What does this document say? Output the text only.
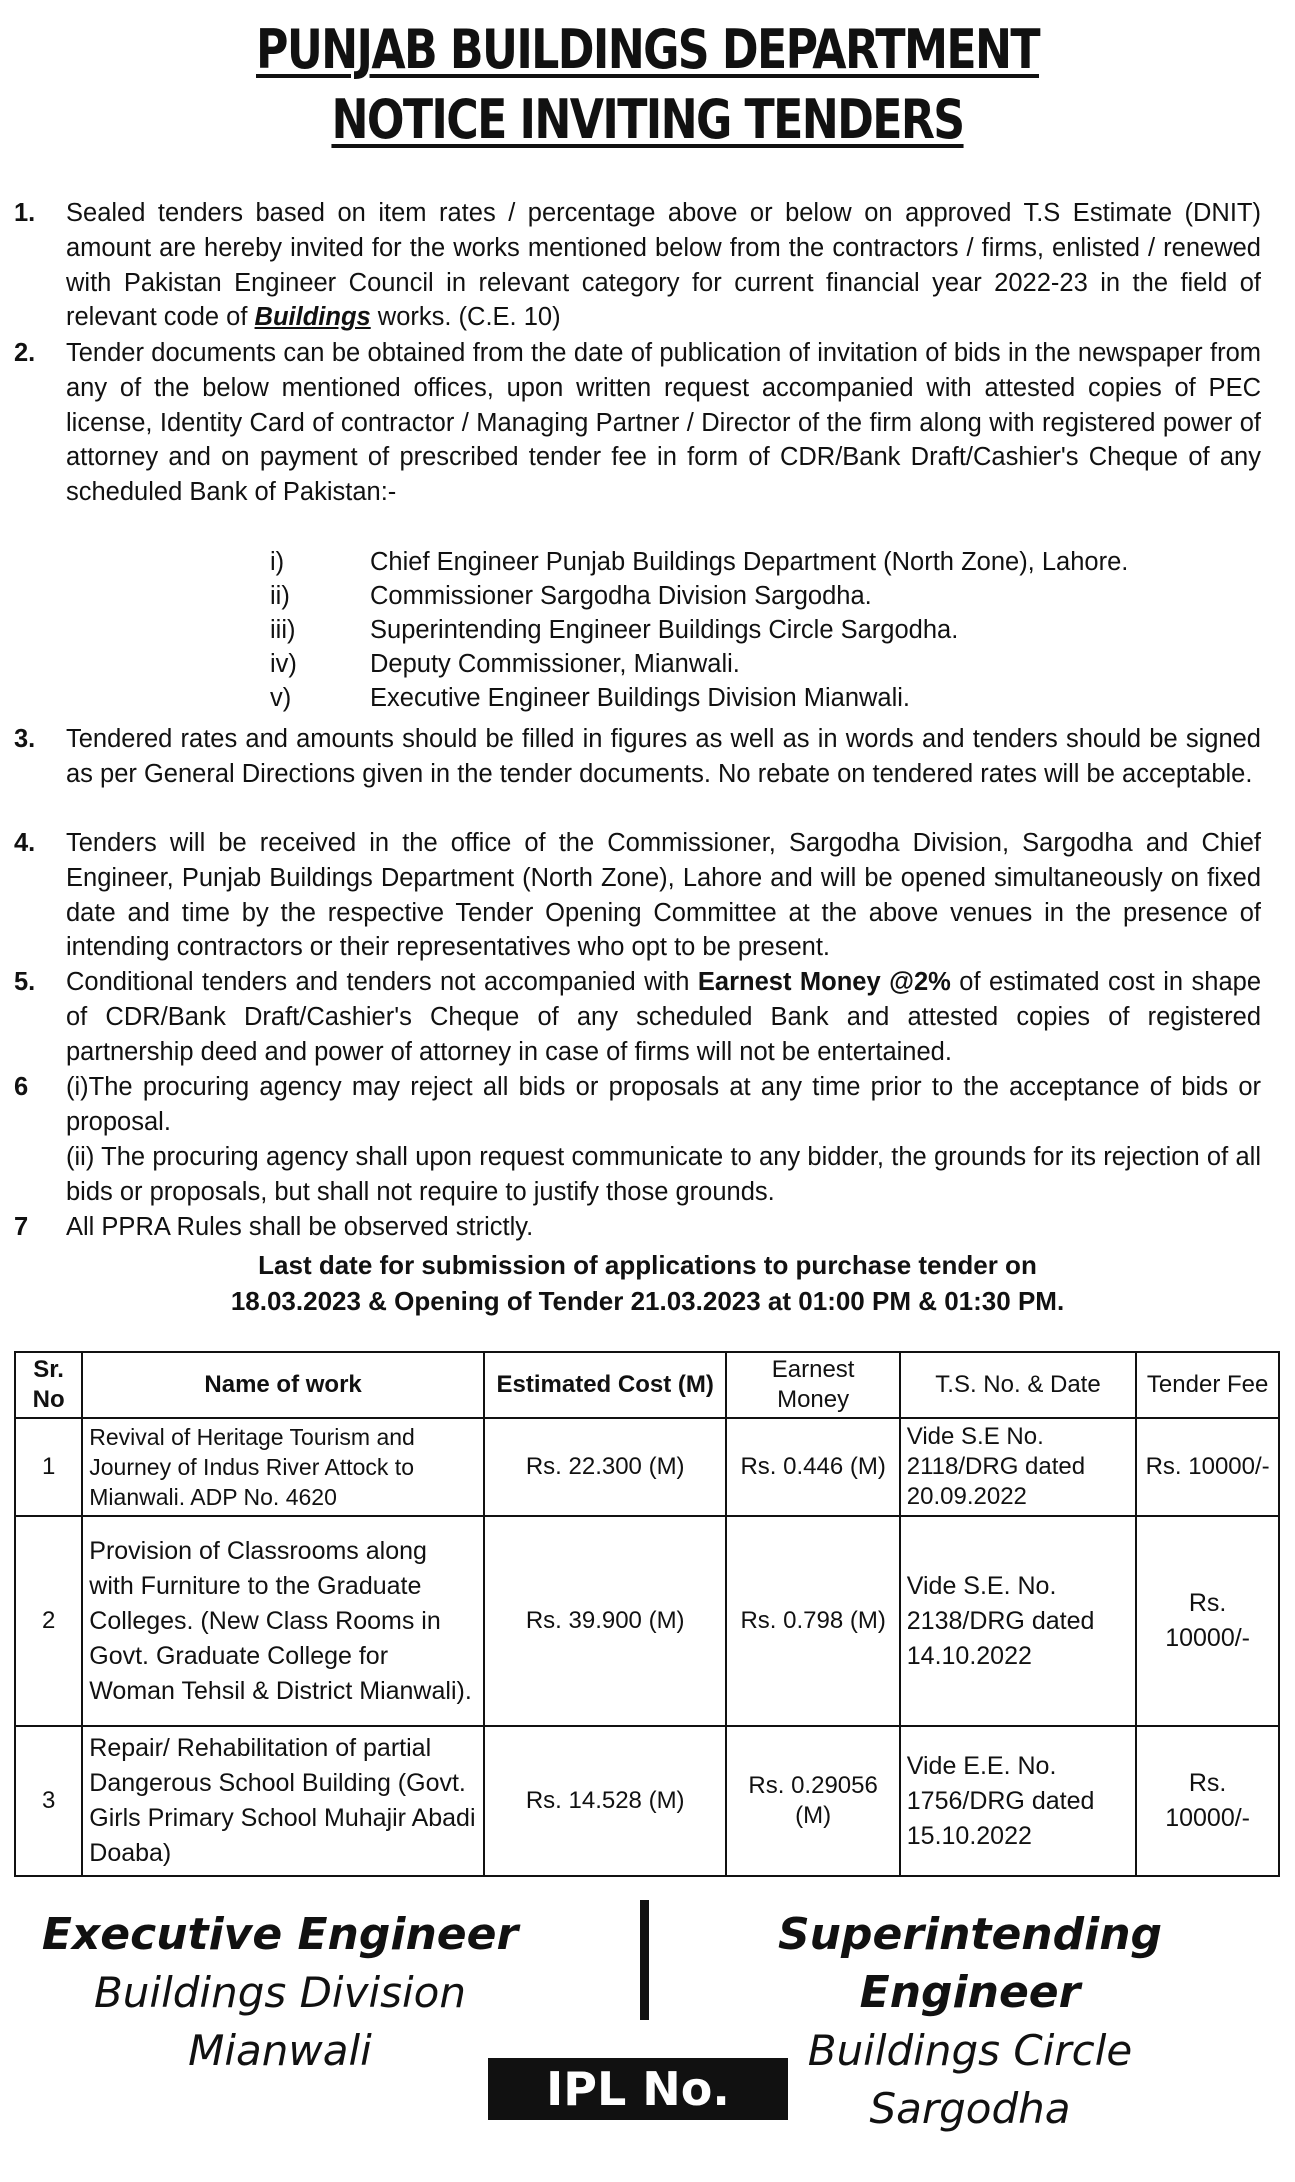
PUNJAB BUILDINGS DEPARTMENT
NOTICE INVITING TENDERS
1. Sealed tenders based on item rates / percentage above or below on approved T.S Estimate (DNIT) amount are hereby invited for the works mentioned below from the contractors / firms, enlisted / renewed with Pakistan Engineer Council in relevant category for current financial year 2022-23 in the field of relevant code of Buildings works. (C.E. 10)
2. Tender documents can be obtained from the date of publication of invitation of bids in the newspaper from any of the below mentioned offices, upon written request accompanied with attested copies of PEC license, Identity Card of contractor / Managing Partner / Director of the firm along with registered power of attorney and on payment of prescribed tender fee in form of CDR/Bank Draft/Cashier's Cheque of any scheduled Bank of Pakistan:-
i)	Chief Engineer Punjab Buildings Department (North Zone), Lahore.
ii)	Commissioner Sargodha Division Sargodha.
iii)	Superintending Engineer Buildings Circle Sargodha.
iv)	Deputy Commissioner, Mianwali.
v)	Executive Engineer Buildings Division Mianwali.
3. Tendered rates and amounts should be filled in figures as well as in words and tenders should be signed as per General Directions given in the tender documents. No rebate on tendered rates will be acceptable.
4. Tenders will be received in the office of the Commissioner, Sargodha Division, Sargodha and Chief Engineer, Punjab Buildings Department (North Zone), Lahore and will be opened simultaneously on fixed date and time by the respective Tender Opening Committee at the above venues in the presence of intending contractors or their representatives who opt to be present.
5. Conditional tenders and tenders not accompanied with Earnest Money @2% of estimated cost in shape of CDR/Bank Draft/Cashier's Cheque of any scheduled Bank and attested copies of registered partnership deed and power of attorney in case of firms will not be entertained.
6 (i)The procuring agency may reject all bids or proposals at any time prior to the acceptance of bids or proposal.
(ii) The procuring agency shall upon request communicate to any bidder, the grounds for its rejection of all bids or proposals, but shall not require to justify those grounds.
7 All PPRA Rules shall be observed strictly.
Last date for submission of applications to purchase tender on
18.03.2023 & Opening of Tender 21.03.2023 at 01:00 PM & 01:30 PM.
Sr. No	Name of work	Estimated Cost (M)	Earnest Money	T.S. No. & Date	Tender Fee
1	Revival of Heritage Tourism and Journey of Indus River Attock to Mianwali. ADP No. 4620	Rs. 22.300 (M)	Rs. 0.446 (M)	Vide S.E No. 2118/DRG dated 20.09.2022	Rs. 10000/-
2	Provision of Classrooms along with Furniture to the Graduate Colleges. (New Class Rooms in Govt. Graduate College for Woman Tehsil & District Mianwali).	Rs. 39.900 (M)	Rs. 0.798 (M)	Vide S.E. No. 2138/DRG dated 14.10.2022	Rs. 10000/-
3	Repair/ Rehabilitation of partial Dangerous School Building (Govt. Girls Primary School Muhajir Abadi Doaba)	Rs. 14.528 (M)	Rs. 0.29056 (M)	Vide E.E. No. 1756/DRG dated 15.10.2022	Rs. 10000/-
Executive Engineer
Buildings Division
Mianwali
Superintending Engineer
Buildings Circle
Sargodha
IPL No. 1701
